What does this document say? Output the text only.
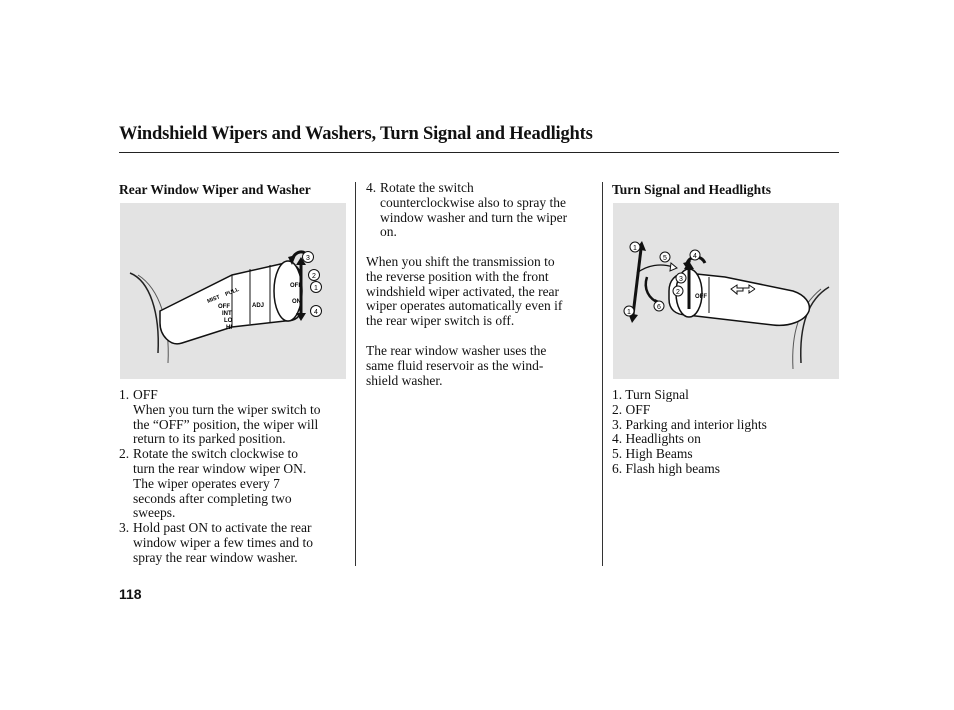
Windshield Wipers and Washers, Turn Signal and Headlights
Rear Window Wiper and Washer
MIST
PULL
OFF
INT
LO
HI
ADJ
OFF
ON
3
2
1
4
1. OFF
When you turn the wiper switch to
the “OFF” position, the wiper will
return to its parked position.
2. Rotate the switch clockwise to
turn the rear window wiper ON.
The wiper operates every 7
seconds after completing two
sweeps.
3. Hold past ON to activate the rear
window wiper a few times and to
spray the rear window washer.
4. Rotate the switch
counterclockwise also to spray the
window washer and turn the wiper
on.
When you shift the transmission to
the reverse position with the front
windshield wiper activated, the rear
wiper operates automatically even if
the rear wiper switch is off.
The rear window washer uses the
same fluid reservoir as the wind-
shield washer.
Turn Signal and Headlights
OFF
1
1
2
3
4
5
6
1. Turn Signal
2. OFF
3. Parking and interior lights
4. Headlights on
5. High Beams
6. Flash high beams
118
